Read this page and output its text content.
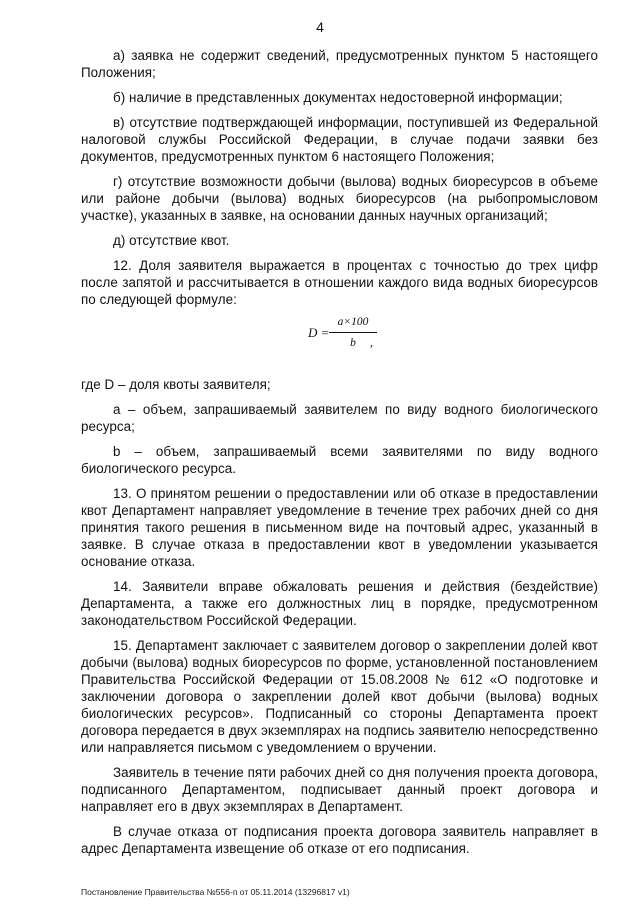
4

а) заявка не содержит сведений, предусмотренных пунктом 5 настоящего Положения;

б) наличие в представленных документах недостоверной информации;

в) отсутствие подтверждающей информации, поступившей из Федеральной налоговой службы Российской Федерации, в случае подачи заявки без документов, предусмотренных пунктом 6 настоящего Положения;

г) отсутствие возможности добычи (вылова) водных биоресурсов в объеме или районе добычи (вылова) водных биоресурсов (на рыбопромысловом участке), указанных в заявке, на основании данных научных организаций;

д) отсутствие квот.

12. Доля заявителя выражается в процентах с точностью до трех цифр после запятой и рассчитывается в отношении каждого вида водных биоресурсов по следующей формуле:

$D = \frac{a\times 100}{b}$
,

где D – доля квоты заявителя;

а – объем, запрашиваемый заявителем по виду водного биологического ресурса;

b – объем, запрашиваемый всеми заявителями по виду водного биологического ресурса.

13. О принятом решении о предоставлении или об отказе в предоставлении квот Департамент направляет уведомление в течение трех рабочих дней со дня принятия такого решения в письменном виде на почтовый адрес, указанный в заявке. В случае отказа в предоставлении квот в уведомлении указывается основание отказа.

14. Заявители вправе обжаловать решения и действия (бездействие) Департамента, а также его должностных лиц в порядке, предусмотренном законодательством Российской Федерации.

15. Департамент заключает с заявителем договор о закреплении долей квот добычи (вылова) водных биоресурсов по форме, установленной постановлением Правительства Российской Федерации от 15.08.2008 № 612 «О подготовке и заключении договора о закреплении долей квот добычи (вылова) водных биологических ресурсов». Подписанный со стороны Департамента проект договора передается в двух экземплярах на подпись заявителю непосредственно или направляется письмом с уведомлением о вручении.

Заявитель в течение пяти рабочих дней со дня получения проекта договора, подписанного Департаментом, подписывает данный проект договора и направляет его в двух экземплярах в Департамент.

В случае отказа от подписания проекта договора заявитель направляет в адрес Департамента извещение об отказе от его подписания.

Постановление Правительства №556-п от 05.11.2014 (13296817 v1)
